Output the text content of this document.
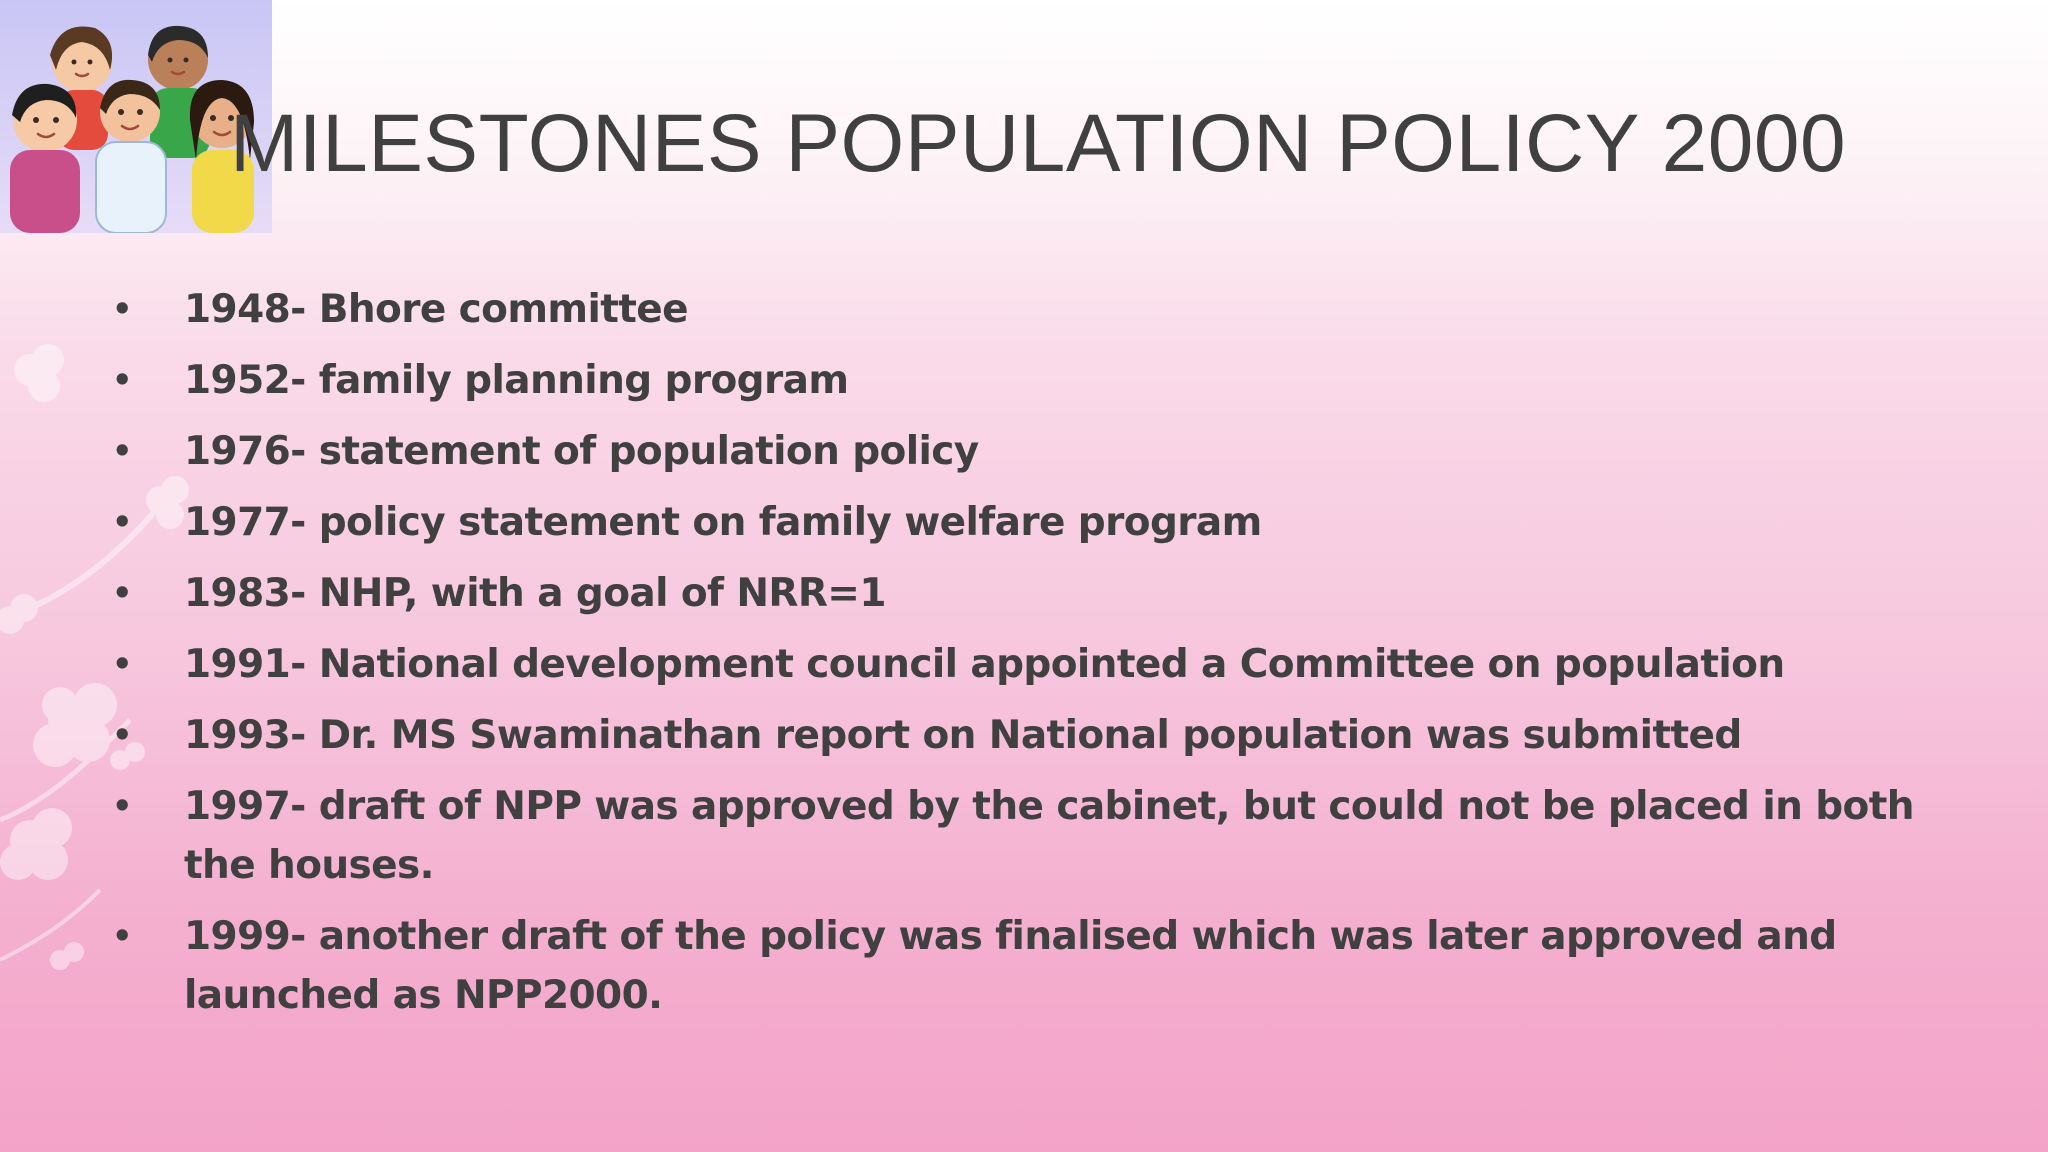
MILESTONES POPULATION POLICY 2000
•	1948- Bhore committee
•	1952- family planning program
•	1976- statement of population policy
•	1977- policy statement on family welfare program
•	1983- NHP, with a goal of NRR=1
•	1991- National development council appointed a Committee on population
•	1993- Dr. MS Swaminathan report on National population was submitted
•	1997- draft of NPP was approved by the cabinet, but could not be placed in both the houses.
•	1999- another draft of the policy was finalised which was later approved and launched as NPP2000.
